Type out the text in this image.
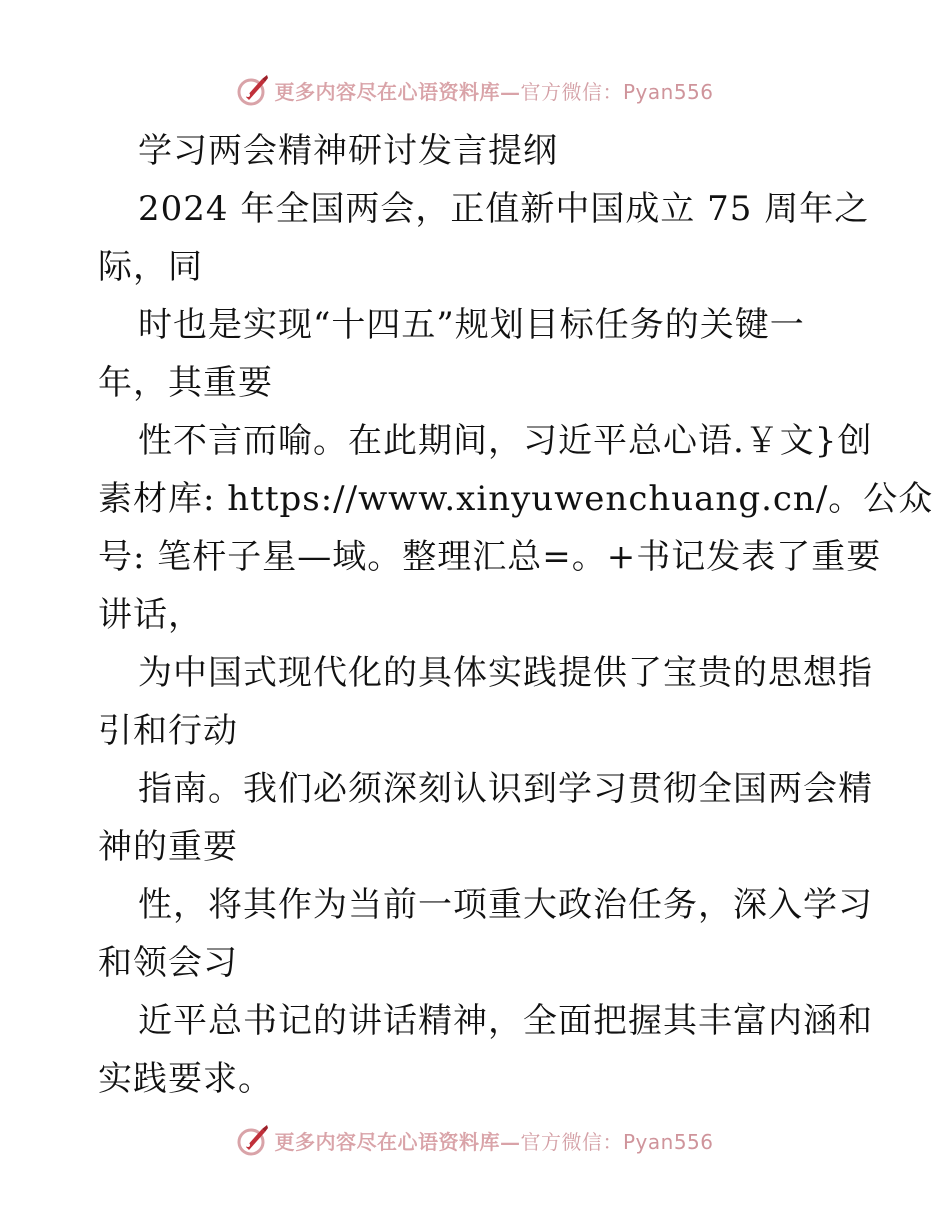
更多内容尽在心语资料库—官方微信：Pyan556
学习两会精神研讨发言提纲
2024 年全国两会，正值新中国成立 75 周年之
际，同
时也是实现“十四五”规划目标任务的关键一
年，其重要
性不言而喻。在此期间，习近平总心语.￥文}创
素材库: https://www.xinyuwenchuang.cn/。公众
号: 笔杆子星—域。整理汇总=。+书记发表了重要
讲话，
为中国式现代化的具体实践提供了宝贵的思想指
引和行动
指南。我们必须深刻认识到学习贯彻全国两会精
神的重要
性，将其作为当前一项重大政治任务，深入学习
和领会习
近平总书记的讲话精神，全面把握其丰富内涵和
实践要求。
更多内容尽在心语资料库—官方微信：Pyan556
